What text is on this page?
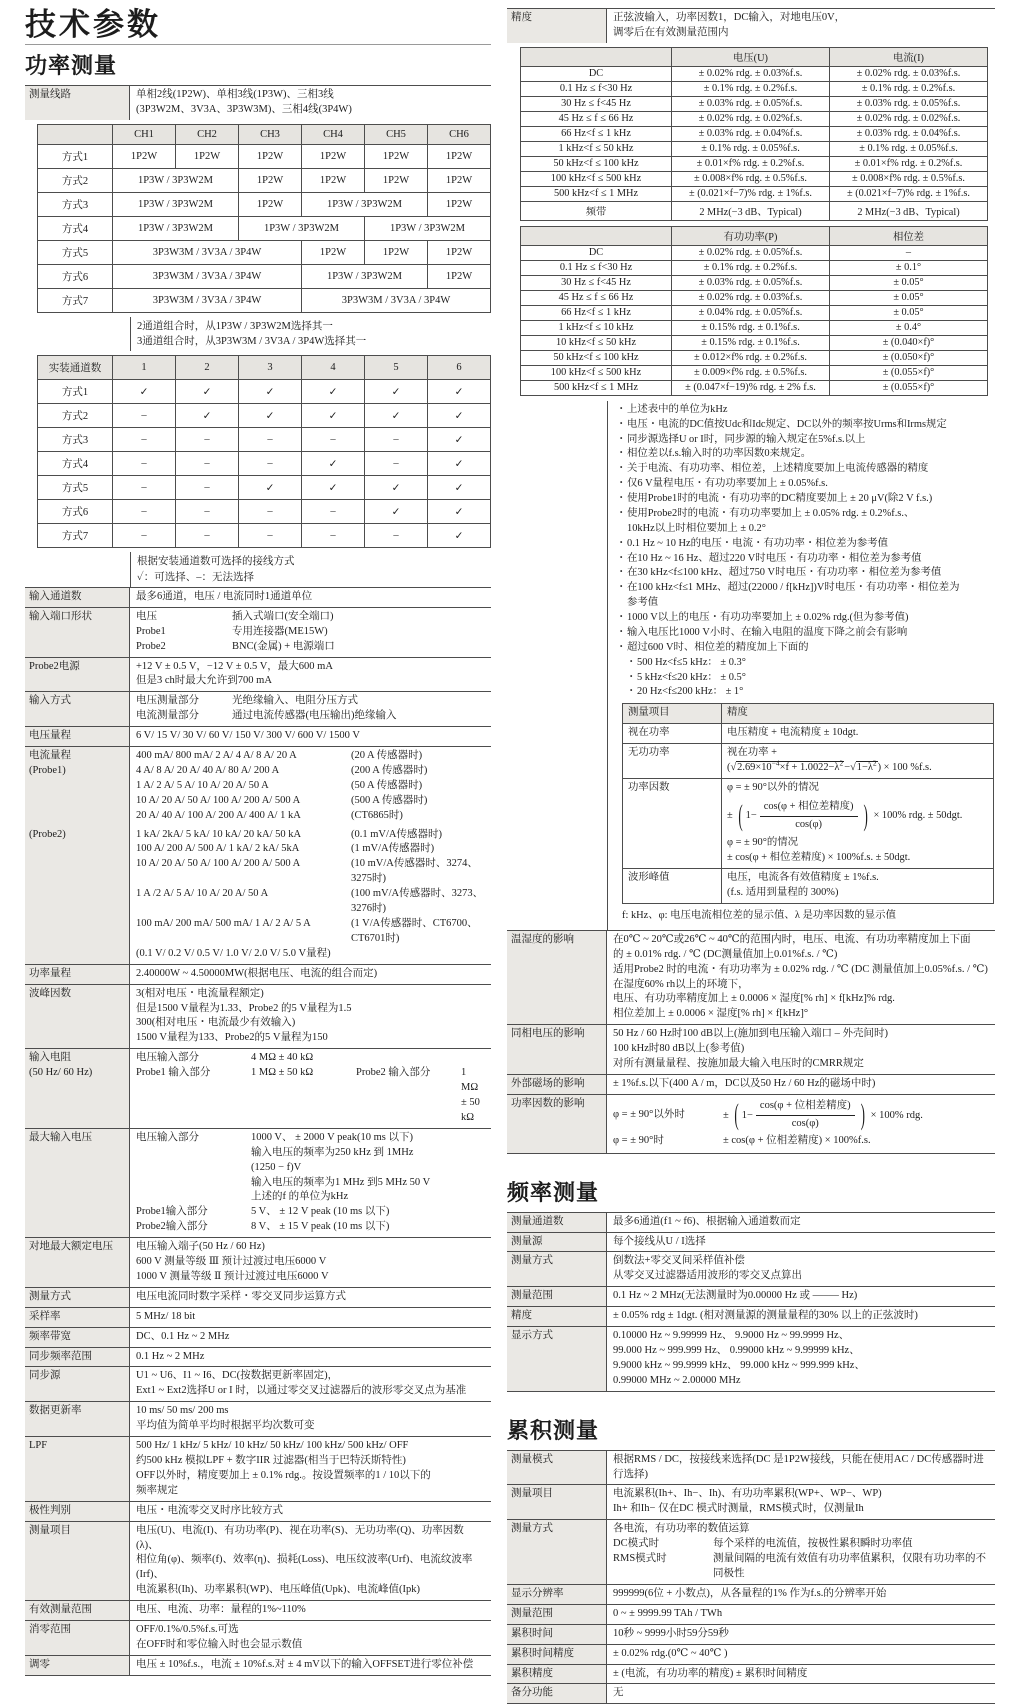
技术参数
功率测量
测量线路	单相2线(1P2W)、单相3线(1P3W)、三相3线
(3P3W2M、3V3A、3P3W3M)、三相4线(3P4W)
	CH1	CH2	CH3	CH4	CH5	CH6
方式1	1P2W	1P2W	1P2W	1P2W	1P2W	1P2W
方式2	1P3W / 3P3W2M		1P2W	1P2W	1P2W	1P2W
方式3	1P3W / 3P3W2M		1P2W	1P3W / 3P3W2M		1P2W
方式4	1P3W / 3P3W2M		1P3W / 3P3W2M		1P3W / 3P3W2M	
方式5	3P3W3M / 3V3A / 3P4W			1P2W	1P2W	1P2W
方式6	3P3W3M / 3V3A / 3P4W			1P3W / 3P3W2M		1P2W
方式7	3P3W3M / 3V3A / 3P4W			3P3W3M / 3V3A / 3P4W		
2通道组合时，从1P3W / 3P3W2M选择其一
3通道组合时，从3P3W3M / 3V3A / 3P4W选择其一
实装通道数	1	2	3	4	5	6
方式1	✓	✓	✓	✓	✓	✓
方式2	–	✓	✓	✓	✓	✓
方式3	–	–	–	–	–	✓
方式4	–	–	–	✓	–	✓
方式5	–	–	✓	✓	✓	✓
方式6	–	–	–	–	✓	✓
方式7	–	–	–	–	–	✓
根据安装通道数可选择的接线方式
✓：可选择、–：无法选择
输入通道数	最多6通道，电压 / 电流同时1通道单位
输入端口形状	电压	插入式端口(安全端口)
Probe1	专用连接器(ME15W)
Probe2	BNC(金属) + 电源端口
Probe2电源	+12 V ± 0.5 V，−12 V ± 0.5 V，最大600 mA
但是3 ch时最大允许到700 mA
输入方式	电压测量部分	光绝缘输入、电阻分压方式
电流测量部分	通过电流传感器(电压输出)绝缘输入
电压量程	6 V/ 15 V/ 30 V/ 60 V/ 150 V/ 300 V/ 600 V/ 1500 V
电流量程
(Probe1)
400 mA/ 800 mA/ 2 A/ 4 A/ 8 A/ 20 A	(20 A 传感器时)
4 A/ 8 A/ 20 A/ 40 A/ 80 A/ 200 A	(200 A 传感器时)
1 A/ 2 A/ 5 A/ 10 A/ 20 A/ 50 A	(50 A 传感器时)
10 A/ 20 A/ 50 A/ 100 A/ 200 A/ 500 A	(500 A 传感器时)
20 A/ 40 A/ 100 A/ 200 A/ 400 A/ 1 kA	(CT6865时)
(Probe2)	1 kA/ 2kA/ 5 kA/ 10 kA/ 20 kA/ 50 kA	(0.1 mV/A传感器时)
100 A/ 200 A/ 500 A/ 1 kA/ 2 kA/ 5kA	(1 mV/A传感器时)
10 A/ 20 A/ 50 A/ 100 A/ 200 A/ 500 A	(10 mV/A传感器时、3274、3275时)
1 A /2 A/ 5 A/ 10 A/ 20 A/ 50 A	(100 mV/A传感器时、3273、3276时)
100 mA/ 200 mA/ 500 mA/ 1 A/ 2 A/ 5 A	(1 V/A传感器时、CT6700、CT6701时)
(0.1 V/ 0.2 V/ 0.5 V/ 1.0 V/ 2.0 V/ 5.0 V量程)
功率量程	2.40000W ~ 4.50000MW(根据电压、电流的组合而定)
波峰因数	3(相对电压・电流量程额定)
但是1500 V量程为1.33、Probe2 的5 V量程为1.5
300(相对电压・电流最少有效输入)
1500 V量程为133、Probe2的5 V量程为150
输入电阻
(50 Hz/ 60 Hz)
电压输入部分	4 MΩ ± 40 kΩ
Probe1 输入部分	1 MΩ ± 50 kΩ	Probe2 输入部分	1 MΩ ± 50 kΩ
最大输入电压	电压输入部分	1000 V、 ± 2000 V peak(10 ms 以下)
输入电压的频率为250 kHz 到 1MHz
(1250 − f)V
输入电压的频率为1 MHz 到5 MHz 50 V
上述的f 的单位为kHz
Probe1输入部分	5 V、 ± 12 V peak (10 ms 以下)
Probe2输入部分	8 V、 ± 15 V peak (10 ms 以下)
对地最大额定电压	电压输入端子(50 Hz / 60 Hz)
600 V 测量等级 Ⅲ 预计过渡过电压6000 V
1000 V 测量等级 Ⅱ 预计过渡过电压6000 V
测量方式	电压电流同时数字采样・零交叉同步运算方式
采样率	5 MHz/ 18 bit
频率带宽	DC、0.1 Hz ~ 2 MHz
同步频率范围	0.1 Hz ~ 2 MHz
同步源	U1 ~ U6、I1 ~ I6、DC(按数据更新率固定)，
Ext1 ~ Ext2选择U or I 时，以通过零交叉过滤器后的波形零交叉点为基准
数据更新率	10 ms/ 50 ms/ 200 ms
平均值为简单平均时根据平均次数可变
LPF	500 Hz/ 1 kHz/ 5 kHz/ 10 kHz/ 50 kHz/ 100 kHz/ 500 kHz/ OFF
约500 kHz 模拟LPF + 数字IIR 过滤器(相当于巴特沃斯特性)
OFF以外时，精度要加上 ± 0.1% rdg.。按设置频率的1 / 10以下的
频率规定
极性判别	电压・电流零交叉时序比较方式
测量项目	电压(U)、电流(I)、有功功率(P)、视在功率(S)、无功功率(Q)、功率因数(λ)、
相位角(φ)、频率(f)、效率(η)、损耗(Loss)、电压纹波率(Urf)、电流纹波率(Irf)、
电流累积(Ih)、功率累积(WP)、电压峰值(Upk)、电流峰值(Ipk)
有效测量范围	电压、电流、功率：量程的1%~110%
消零范围	OFF/0.1%/0.5%f.s.可选
在OFF时和零位输入时也会显示数值
调零	电压 ± 10%f.s.，电流 ± 10%f.s.对 ± 4 mV以下的输入OFFSET进行零位补偿
精度	正弦波输入，功率因数1，DC输入，对地电压0V，
调零后在有效测量范围内
	电压(U)	电流(I)
DC	± 0.02% rdg. ± 0.03%f.s.	± 0.02% rdg. ± 0.03%f.s.
0.1 Hz ≤ f<30 Hz	± 0.1% rdg. ± 0.2%f.s.	± 0.1% rdg. ± 0.2%f.s.
30 Hz ≤ f<45 Hz	± 0.03% rdg. ± 0.05%f.s.	± 0.03% rdg. ± 0.05%f.s.
45 Hz ≤ f ≤ 66 Hz	± 0.02% rdg. ± 0.02%f.s.	± 0.02% rdg. ± 0.02%f.s.
66 Hz<f ≤ 1 kHz	± 0.03% rdg. ± 0.04%f.s.	± 0.03% rdg. ± 0.04%f.s.
1 kHz<f ≤ 50 kHz	± 0.1% rdg. ± 0.05%f.s.	± 0.1% rdg. ± 0.05%f.s.
50 kHz<f ≤ 100 kHz	± 0.01×f% rdg. ± 0.2%f.s.	± 0.01×f% rdg. ± 0.2%f.s.
100 kHz<f ≤ 500 kHz	± 0.008×f% rdg. ± 0.5%f.s.	± 0.008×f% rdg. ± 0.5%f.s.
500 kHz<f ≤ 1 MHz	± (0.021×f−7)% rdg. ± 1%f.s.	± (0.021×f−7)% rdg. ± 1%f.s.
频带	2 MHz(−3 dB、Typical)	2 MHz(−3 dB、Typical)
	有功功率(P)	相位差
DC	± 0.02% rdg. ± 0.05%f.s.	–
0.1 Hz ≤ f<30 Hz	± 0.1% rdg. ± 0.2%f.s.	± 0.1°
30 Hz ≤ f<45 Hz	± 0.03% rdg. ± 0.05%f.s.	± 0.05°
45 Hz ≤ f ≤ 66 Hz	± 0.02% rdg. ± 0.03%f.s.	± 0.05°
66 Hz<f ≤ 1 kHz	± 0.04% rdg. ± 0.05%f.s.	± 0.05°
1 kHz<f ≤ 10 kHz	± 0.15% rdg. ± 0.1%f.s.	± 0.4°
10 kHz<f ≤ 50 kHz	± 0.15% rdg. ± 0.1%f.s.	± (0.040×f)°
50 kHz<f ≤ 100 kHz	± 0.012×f% rdg. ± 0.2%f.s.	± (0.050×f)°
100 kHz<f ≤ 500 kHz	± 0.009×f% rdg. ± 0.5%f.s.	± (0.055×f)°
500 kHz<f ≤ 1 MHz	± (0.047×f−19)% rdg. ± 2% f.s.	± (0.055×f)°
・ 上述表中的单位为kHz
・ 电压・电流的DC值按Udc和Idc规定、DC以外的频率按Urms和Irms规定
・ 同步源选择U or I时，同步源的输入规定在5%f.s.以上
・ 相位差以f.s.输入时的功率因数0来规定。
・ 关于电流、有功功率、相位差，上述精度要加上电流传感器的精度
・ 仅6 V量程电压・有功功率要加上 ± 0.05%f.s.
・ 使用Probe1时的电流・有功功率的DC精度要加上 ± 20 μV(除2 V f.s.)
・ 使用Probe2时的电流・有功功率要加上 ± 0.05% rdg. ± 0.2%f.s.、
10kHz以上时相位要加上 ± 0.2°
・ 0.1 Hz ~ 10 Hz的电压・电流・有功功率・相位差为参考值
・ 在10 Hz ~ 16 Hz、超过220 V时电压・有功功率・相位差为参考值
・ 在30 kHz<f≤100 kHz、超过750 V时电压・有功功率・相位差为参考值
・ 在100 kHz<f≤1 MHz、超过(22000 / f[kHz])V时电压・有功功率・相位差为
参考值
・ 1000 V以上的电压・有功功率要加上 ± 0.02% rdg.(但为参考值)
・ 输入电压比1000 V小时、在输入电阻的温度下降之前会有影响
・ 超过600 V时、相位差的精度加上下面的
・ 500 Hz<f≤5 kHz： ± 0.3°
・ 5 kHz<f≤20 kHz： ± 0.5°
・ 20 Hz<f≤200 kHz： ± 1°
测量项目	精度
视在功率	电压精度 + 电流精度 ± 10dgt.

无功功率	视在功率 +
$(√2.69\times 10^{-4}\times f + 1.0022-\lambda^2-√1-\lambda^2) \times 100$ %f.s.

功率因数	φ = ± 90°以外的情况
± ( $1- \frac{\text{cos(φ + 相位差精度)}}{\cos(\varphi)}$ ) × 100% rdg. ± 50dgt.
φ = ± 90°的情况
± cos(φ + 相位差精度) × 100%f.s. ± 50dgt.

波形峰值	电压，电流各有效值精度 ± 1%f.s.
(f.s. 适用到量程的 300%)
f: kHz、φ: 电压电流相位差的显示值、λ 是功率因数的显示值
温湿度的影响	在0℃ ~ 20℃或26℃ ~ 40℃的范围内时，电压、电流、有功功率精度加上下面
的 ± 0.01% rdg. / ℃ (DC测量值加上0.01%f.s. / ℃)
适用Probe2 时的电流・有功功率为 ± 0.02% rdg. / ℃ (DC 测量值加上0.05%f.s. / ℃)
在湿度60% rh以上的环境下，
电压、有功功率精度加上 ± 0.0006 × 湿度[% rh] × f[kHz]% rdg.
相位差加上 ± 0.0006 × 湿度[% rh] × f[kHz]°
同相电压的影响	50 Hz / 60 Hz时100 dB以上(施加到电压输入端口 – 外壳间时)
100 kHz时80 dB以上(参考值)
对所有测量量程、按施加最大输入电压时的CMRR规定
外部磁场的影响	± 1%f.s.以下(400 A / m，DC以及50 Hz / 60 Hz的磁场中时)
功率因数的影响
φ = ± 90°以外时	± ( $1- \frac{\text{cos(φ + 位相差精度)}}{\cos(\varphi)}$ ) × 100% rdg.
φ = ± 90°时	± cos(φ + 位相差精度) × 100%f.s.
频率测量
测量通道数	最多6通道(f1 ~ f6)、根据输入通道数而定
测量源	每个接线从U / I选择
测量方式	倒数法+零交叉间采样值补偿
从零交叉过滤器适用波形的零交叉点算出
测量范围	0.1 Hz ~ 2 MHz(无法测量时为0.00000 Hz 或 ––––– Hz)
精度	± 0.05% rdg ± 1dgt. (相对测量源的测量量程的30% 以上的正弦波时)
显示方式	0.10000 Hz ~ 9.99999 Hz、 9.9000 Hz ~ 99.9999 Hz、
99.000 Hz ~ 999.999 Hz、 0.99000 kHz ~ 9.99999 kHz、
9.9000 kHz ~ 99.9999 kHz、 99.000 kHz ~ 999.999 kHz、
0.99000 MHz ~ 2.00000 MHz
累积测量
测量模式	根据RMS / DC，按接线来选择(DC 是1P2W接线，只能在使用AC / DC传感器时进行选择)
测量项目	电流累积(Ih+、Ih−、Ih)、有功功率累积(WP+、WP−、WP)
Ih+ 和Ih− 仅在DC 模式时测量，RMS模式时，仅测量Ih
测量方式	各电流，有功功率的数值运算
DC模式时	每个采样的电流值，按极性累积瞬时功率值
RMS模式时	测量间隔的电流有效值有功功率值累积，仅限有功功率的不同极性
显示分辨率	999999(6位 + 小数点)，从各量程的1% 作为f.s.的分辨率开始
测量范围	0 ~ ± 9999.99 TAh / TWh
累积时间	10秒 ~ 9999小时59分59秒
累积时间精度	± 0.02% rdg.(0℃ ~ 40℃ )
累积精度	± (电流，有功功率的精度) ± 累积时间精度
备分功能	无
